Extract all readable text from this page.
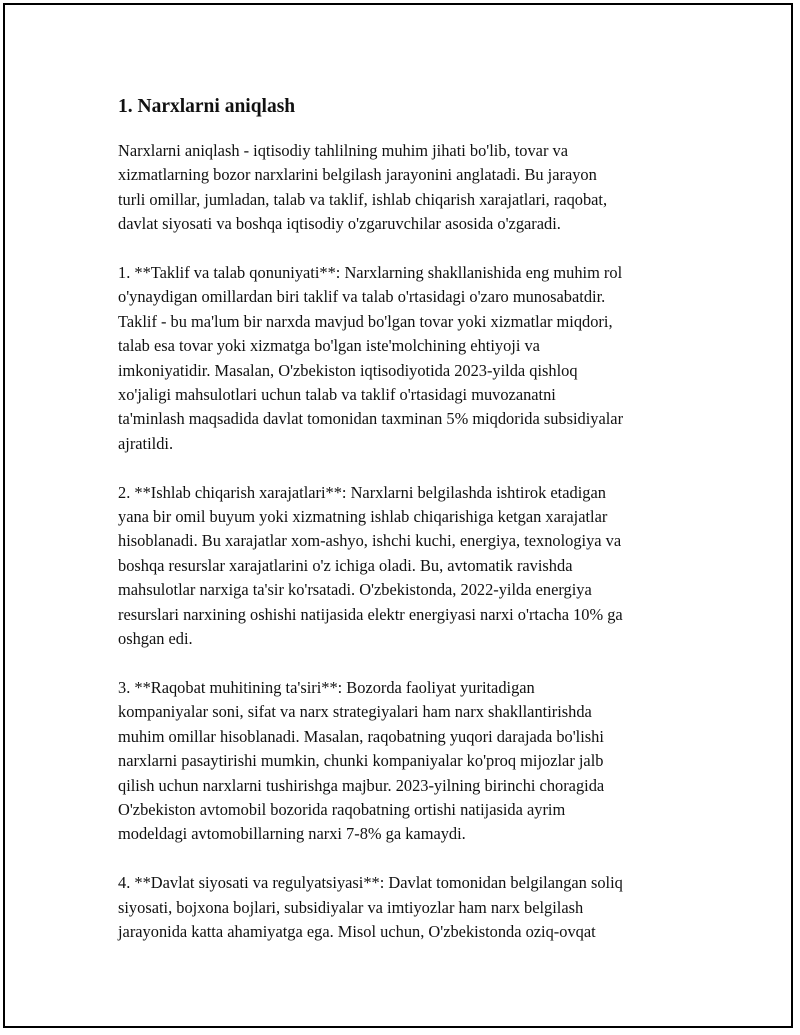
1. Narxlarni aniqlash
Narxlarni aniqlash - iqtisodiy tahlilning muhim jihati bo'lib, tovar va
xizmatlarning bozor narxlarini belgilash jarayonini anglatadi. Bu jarayon
turli omillar, jumladan, talab va taklif, ishlab chiqarish xarajatlari, raqobat,
davlat siyosati va boshqa iqtisodiy o'zgaruvchilar asosida o'zgaradi.
1. **Taklif va talab qonuniyati**: Narxlarning shakllanishida eng muhim rol
o'ynaydigan omillardan biri taklif va talab o'rtasidagi o'zaro munosabatdir.
Taklif - bu ma'lum bir narxda mavjud bo'lgan tovar yoki xizmatlar miqdori,
talab esa tovar yoki xizmatga bo'lgan iste'molchining ehtiyoji va
imkoniyatidir. Masalan, O'zbekiston iqtisodiyotida 2023-yilda qishloq
xo'jaligi mahsulotlari uchun talab va taklif o'rtasidagi muvozanatni
ta'minlash maqsadida davlat tomonidan taxminan 5% miqdorida subsidiyalar
ajratildi.
2. **Ishlab chiqarish xarajatlari**: Narxlarni belgilashda ishtirok etadigan
yana bir omil buyum yoki xizmatning ishlab chiqarishiga ketgan xarajatlar
hisoblanadi. Bu xarajatlar xom-ashyo, ishchi kuchi, energiya, texnologiya va
boshqa resurslar xarajatlarini o'z ichiga oladi. Bu, avtomatik ravishda
mahsulotlar narxiga ta'sir ko'rsatadi. O'zbekistonda, 2022-yilda energiya
resurslari narxining oshishi natijasida elektr energiyasi narxi o'rtacha 10% ga
oshgan edi.
3. **Raqobat muhitining ta'siri**: Bozorda faoliyat yuritadigan
kompaniyalar soni, sifat va narx strategiyalari ham narx shakllantirishda
muhim omillar hisoblanadi. Masalan, raqobatning yuqori darajada bo'lishi
narxlarni pasaytirishi mumkin, chunki kompaniyalar ko'proq mijozlar jalb
qilish uchun narxlarni tushirishga majbur. 2023-yilning birinchi choragida
O'zbekiston avtomobil bozorida raqobatning ortishi natijasida ayrim
modeldagi avtomobillarning narxi 7-8% ga kamaydi.
4. **Davlat siyosati va regulyatsiyasi**: Davlat tomonidan belgilangan soliq
siyosati, bojxona bojlari, subsidiyalar va imtiyozlar ham narx belgilash
jarayonida katta ahamiyatga ega. Misol uchun, O'zbekistonda oziq-ovqat
